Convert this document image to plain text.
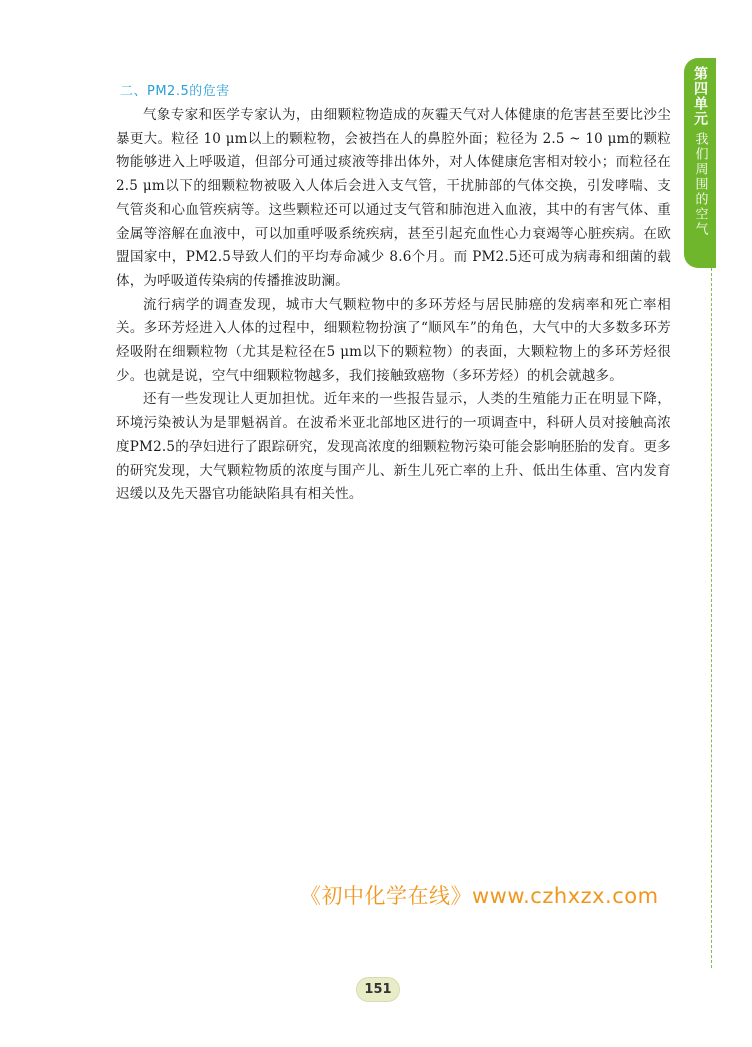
二、PM2.5的危害

气象专家和医学专家认为，由细颗粒物造成的灰霾天气对人体健康的危害甚至要比沙尘暴更大。粒径 10 μm以上的颗粒物，会被挡在人的鼻腔外面；粒径为 2.5 ~ 10 μm的颗粒物能够进入上呼吸道，但部分可通过痰液等排出体外，对人体健康危害相对较小；而粒径在 2.5 μm以下的细颗粒物被吸入人体后会进入支气管，干扰肺部的气体交换，引发哮喘、支气管炎和心血管疾病等。这些颗粒还可以通过支气管和肺泡进入血液，其中的有害气体、重金属等溶解在血液中，可以加重呼吸系统疾病，甚至引起充血性心力衰竭等心脏疾病。在欧盟国家中，PM2.5导致人们的平均寿命减少 8.6个月。而 PM2.5还可成为病毒和细菌的载体，为呼吸道传染病的传播推波助澜。

流行病学的调查发现，城市大气颗粒物中的多环芳烃与居民肺癌的发病率和死亡率相关。多环芳烃进入人体的过程中，细颗粒物扮演了“顺风车”的角色，大气中的大多数多环芳烃吸附在细颗粒物（尤其是粒径在5 μm以下的颗粒物）的表面，大颗粒物上的多环芳烃很少。也就是说，空气中细颗粒物越多，我们接触致癌物（多环芳烃）的机会就越多。

还有一些发现让人更加担忧。近年来的一些报告显示，人类的生殖能力正在明显下降，环境污染被认为是罪魁祸首。在波希米亚北部地区进行的一项调查中，科研人员对接触高浓度PM2.5的孕妇进行了跟踪研究，发现高浓度的细颗粒物污染可能会影响胚胎的发育。更多的研究发现，大气颗粒物质的浓度与围产儿、新生儿死亡率的上升、低出生体重、宫内发育迟缓以及先天器官功能缺陷具有相关性。

第四单元
我们周围的空气
《初中化学在线》www.czhxzx.com
151
